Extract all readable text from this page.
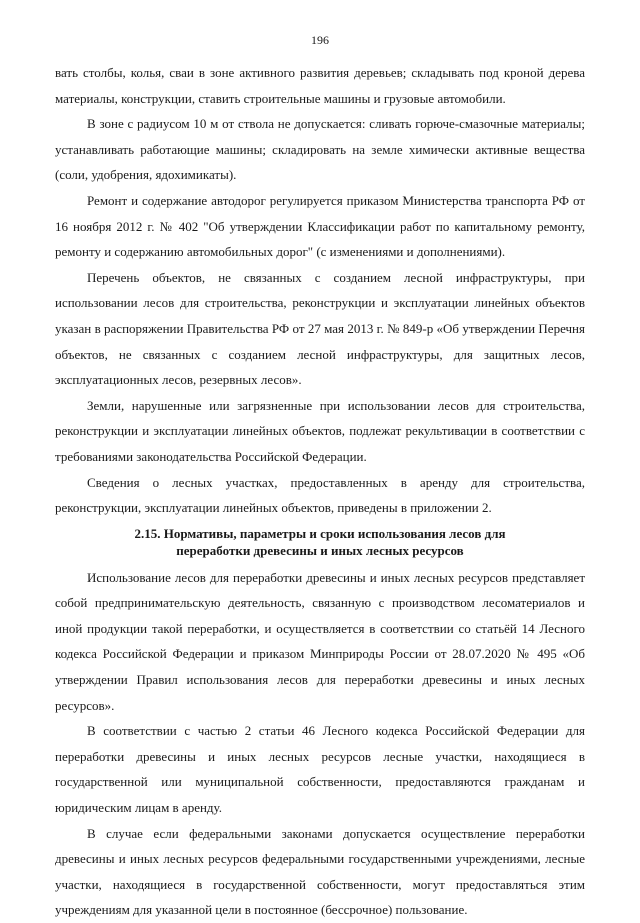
196

вать столбы, колья, сваи в зоне активного развития деревьев; складывать под кроной дерева материалы, конструкции, ставить строительные машины и грузовые автомобили.

В зоне с радиусом 10 м от ствола не допускается: сливать горюче-смазочные материалы; устанавливать работающие машины; складировать на земле химически активные вещества (соли, удобрения, ядохимикаты).

Ремонт и содержание автодорог регулируется приказом Министерства транспорта РФ от 16 ноября 2012 г. № 402 "Об утверждении Классификации работ по капитальному ремонту, ремонту и содержанию автомобильных дорог" (с изменениями и дополнениями).

Перечень объектов, не связанных с созданием лесной инфраструктуры, при использовании лесов для строительства, реконструкции и эксплуатации линейных объектов указан в распоряжении Правительства РФ от 27 мая 2013 г. № 849-р «Об утверждении Перечня объектов, не связанных с созданием лесной инфраструктуры, для защитных лесов, эксплуатационных лесов, резервных лесов».

Земли, нарушенные или загрязненные при использовании лесов для строительства, реконструкции и эксплуатации линейных объектов, подлежат рекультивации в соответствии с требованиями законодательства Российской Федерации.

Сведения о лесных участках, предоставленных в аренду для строительства, реконструкции, эксплуатации линейных объектов, приведены в приложении 2.

2.15. Нормативы, параметры и сроки использования лесов для
переработки древесины и иных лесных ресурсов

Использование лесов для переработки древесины и иных лесных ресурсов представляет собой предпринимательскую деятельность, связанную с производством лесоматериалов и иной продукции такой переработки, и осуществляется в соответствии со статьёй 14 Лесного кодекса Российской Федерации и приказом Минприроды России от 28.07.2020 № 495 «Об утверждении Правил использования лесов для переработки древесины и иных лесных ресурсов».

В соответствии с частью 2 статьи 46 Лесного кодекса Российской Федерации для переработки древесины и иных лесных ресурсов лесные участки, находящиеся в государственной или муниципальной собственности, предоставляются гражданам и юридическим лицам в аренду.

В случае если федеральными законами допускается осуществление переработки древесины и иных лесных ресурсов федеральными государственными учреждениями, лесные участки, находящиеся в государственной собственности, могут предоставляться этим учреждениям для указанной цели в постоянное (бессрочное) пользование.
